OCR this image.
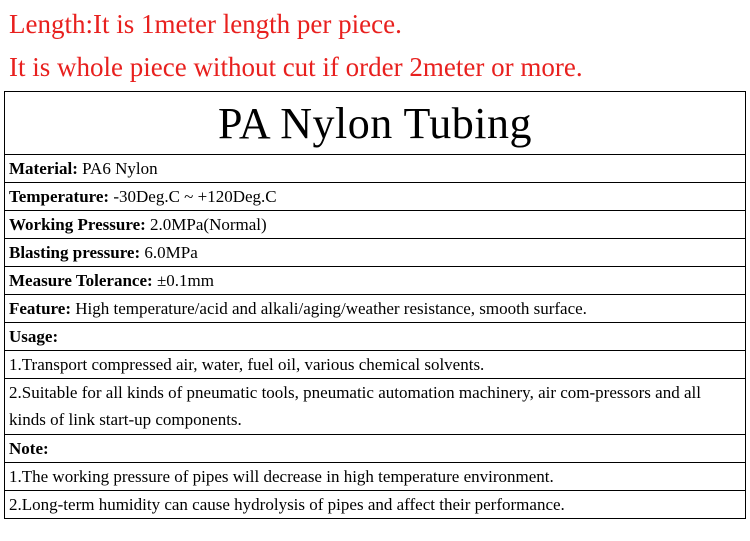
Length:It is 1meter length per piece.
It is whole piece without cut if order 2meter or more.
PA Nylon Tubing
Material: PA6 Nylon
Temperature: -30Deg.C ~ +120Deg.C
Working Pressure: 2.0MPa(Normal)
Blasting pressure: 6.0MPa
Measure Tolerance: ±0.1mm
Feature: High temperature/acid and alkali/aging/weather resistance, smooth surface.
Usage:
1.Transport compressed air, water, fuel oil, various chemical solvents.
2.Suitable for all kinds of pneumatic tools, pneumatic automation machinery, air com-pressors and all kinds of link start-up components.
Note:
1.The working pressure of pipes will decrease in high temperature environment.
2.Long-term humidity can cause hydrolysis of pipes and affect their performance.
